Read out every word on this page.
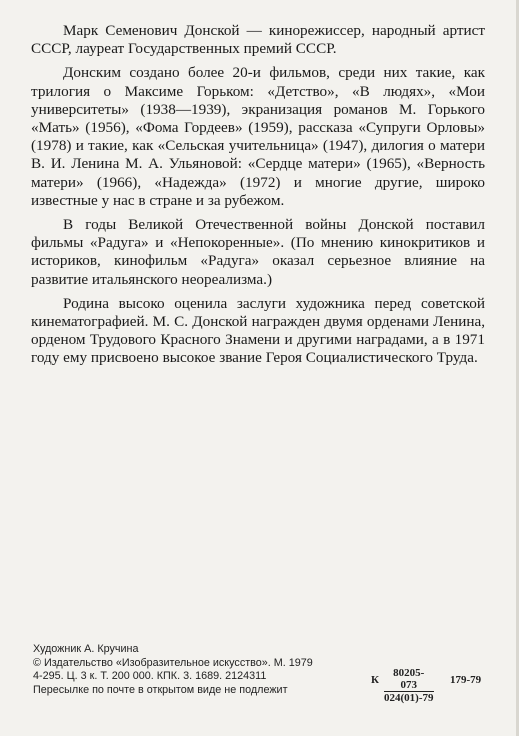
Марк Семенович Донской — кинорежиссер, народный артист СССР, лауреат Государственных премий СССР.

Донским создано более 20-и фильмов, среди них такие, как трилогия о Максиме Горьком: «Детство», «В людях», «Мои университеты» (1938—1939), экранизация романов М. Горького «Мать» (1956), «Фома Гордеев» (1959), рассказа «Супруги Орловы» (1978) и такие, как «Сельская учительница» (1947), дилогия о матери В. И. Ленина М. А. Ульяновой: «Сердце матери» (1965), «Верность матери» (1966), «Надежда» (1972) и многие другие, широко известные у нас в стране и за рубежом.

В годы Великой Отечественной войны Донской поставил фильмы «Радуга» и «Непокоренные». (По мнению кинокритиков и историков, кинофильм «Радуга» оказал серьезное влияние на развитие итальянского неореализма.)

Родина высоко оценила заслуги художника перед советской кинематографией. М. С. Донской награжден двумя орденами Ленина, орденом Трудового Красного Знамени и другими наградами, а в 1971 году ему присвоено высокое звание Героя Социалистического Труда.

Художник А. Кручина
© Издательство «Изобразительное искусство». М. 1979
4-295. Ц. 3 к. Т. 200 000. КПК. 3. 1689. 2124311
Пересылке по почте в открытом виде не подлежит
К $\frac{80205-073}{024(01)-79} 179-79$
